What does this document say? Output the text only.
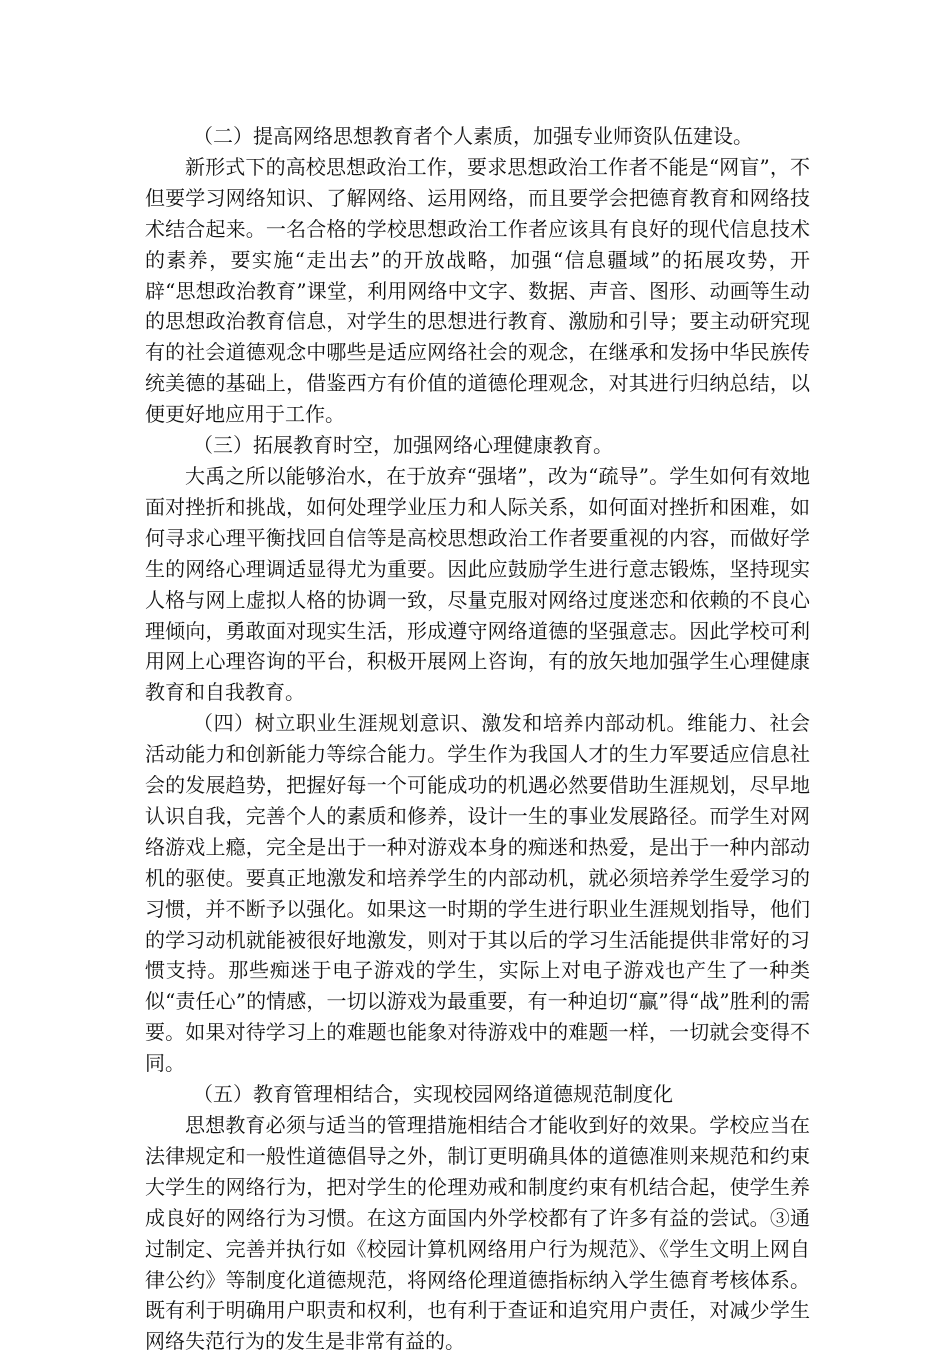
（二）提高网络思想教育者个人素质，加强专业师资队伍建设。

新形式下的高校思想政治工作，要求思想政治工作者不能是“网盲”，不但要学习网络知识、了解网络、运用网络，而且要学会把德育教育和网络技术结合起来。一名合格的学校思想政治工作者应该具有良好的现代信息技术的素养，要实施“走出去”的开放战略，加强“信息疆域”的拓展攻势，开辟“思想政治教育”课堂，利用网络中文字、数据、声音、图形、动画等生动的思想政治教育信息，对学生的思想进行教育、激励和引导；要主动研究现有的社会道德观念中哪些是适应网络社会的观念，在继承和发扬中华民族传统美德的基础上，借鉴西方有价值的道德伦理观念，对其进行归纳总结，以便更好地应用于工作。

（三）拓展教育时空，加强网络心理健康教育。

大禹之所以能够治水，在于放弃“强堵”，改为“疏导”。学生如何有效地面对挫折和挑战，如何处理学业压力和人际关系，如何面对挫折和困难，如何寻求心理平衡找回自信等是高校思想政治工作者要重视的内容，而做好学生的网络心理调适显得尤为重要。因此应鼓励学生进行意志锻炼，坚持现实人格与网上虚拟人格的协调一致，尽量克服对网络过度迷恋和依赖的不良心理倾向，勇敢面对现实生活，形成遵守网络道德的坚强意志。因此学校可利用网上心理咨询的平台，积极开展网上咨询，有的放矢地加强学生心理健康教育和自我教育。

（四）树立职业生涯规划意识、激发和培养内部动机。维能力、社会活动能力和创新能力等综合能力。学生作为我国人才的生力军要适应信息社会的发展趋势，把握好每一个可能成功的机遇必然要借助生涯规划，尽早地认识自我，完善个人的素质和修养，设计一生的事业发展路径。而学生对网络游戏上瘾，完全是出于一种对游戏本身的痴迷和热爱，是出于一种内部动机的驱使。要真正地激发和培养学生的内部动机，就必须培养学生爱学习的习惯，并不断予以强化。如果这一时期的学生进行职业生涯规划指导，他们的学习动机就能被很好地激发，则对于其以后的学习生活能提供非常好的习惯支持。那些痴迷于电子游戏的学生，实际上对电子游戏也产生了一种类似“责任心”的情感，一切以游戏为最重要，有一种迫切“赢”得“战”胜利的需要。如果对待学习上的难题也能象对待游戏中的难题一样，一切就会变得不同。

（五）教育管理相结合，实现校园网络道德规范制度化

思想教育必须与适当的管理措施相结合才能收到好的效果。学校应当在法律规定和一般性道德倡导之外，制订更明确具体的道德准则来规范和约束大学生的网络行为，把对学生的伦理劝戒和制度约束有机结合起，使学生养成良好的网络行为习惯。在这方面国内外学校都有了许多有益的尝试。③通过制定、完善并执行如《校园计算机网络用户行为规范》、《学生文明上网自律公约》等制度化道德规范，将网络伦理道德指标纳入学生德育考核体系。既有利于明确用户职责和权利，也有利于查证和追究用户责任，对减少学生网络失范行为的发生是非常有益的。
